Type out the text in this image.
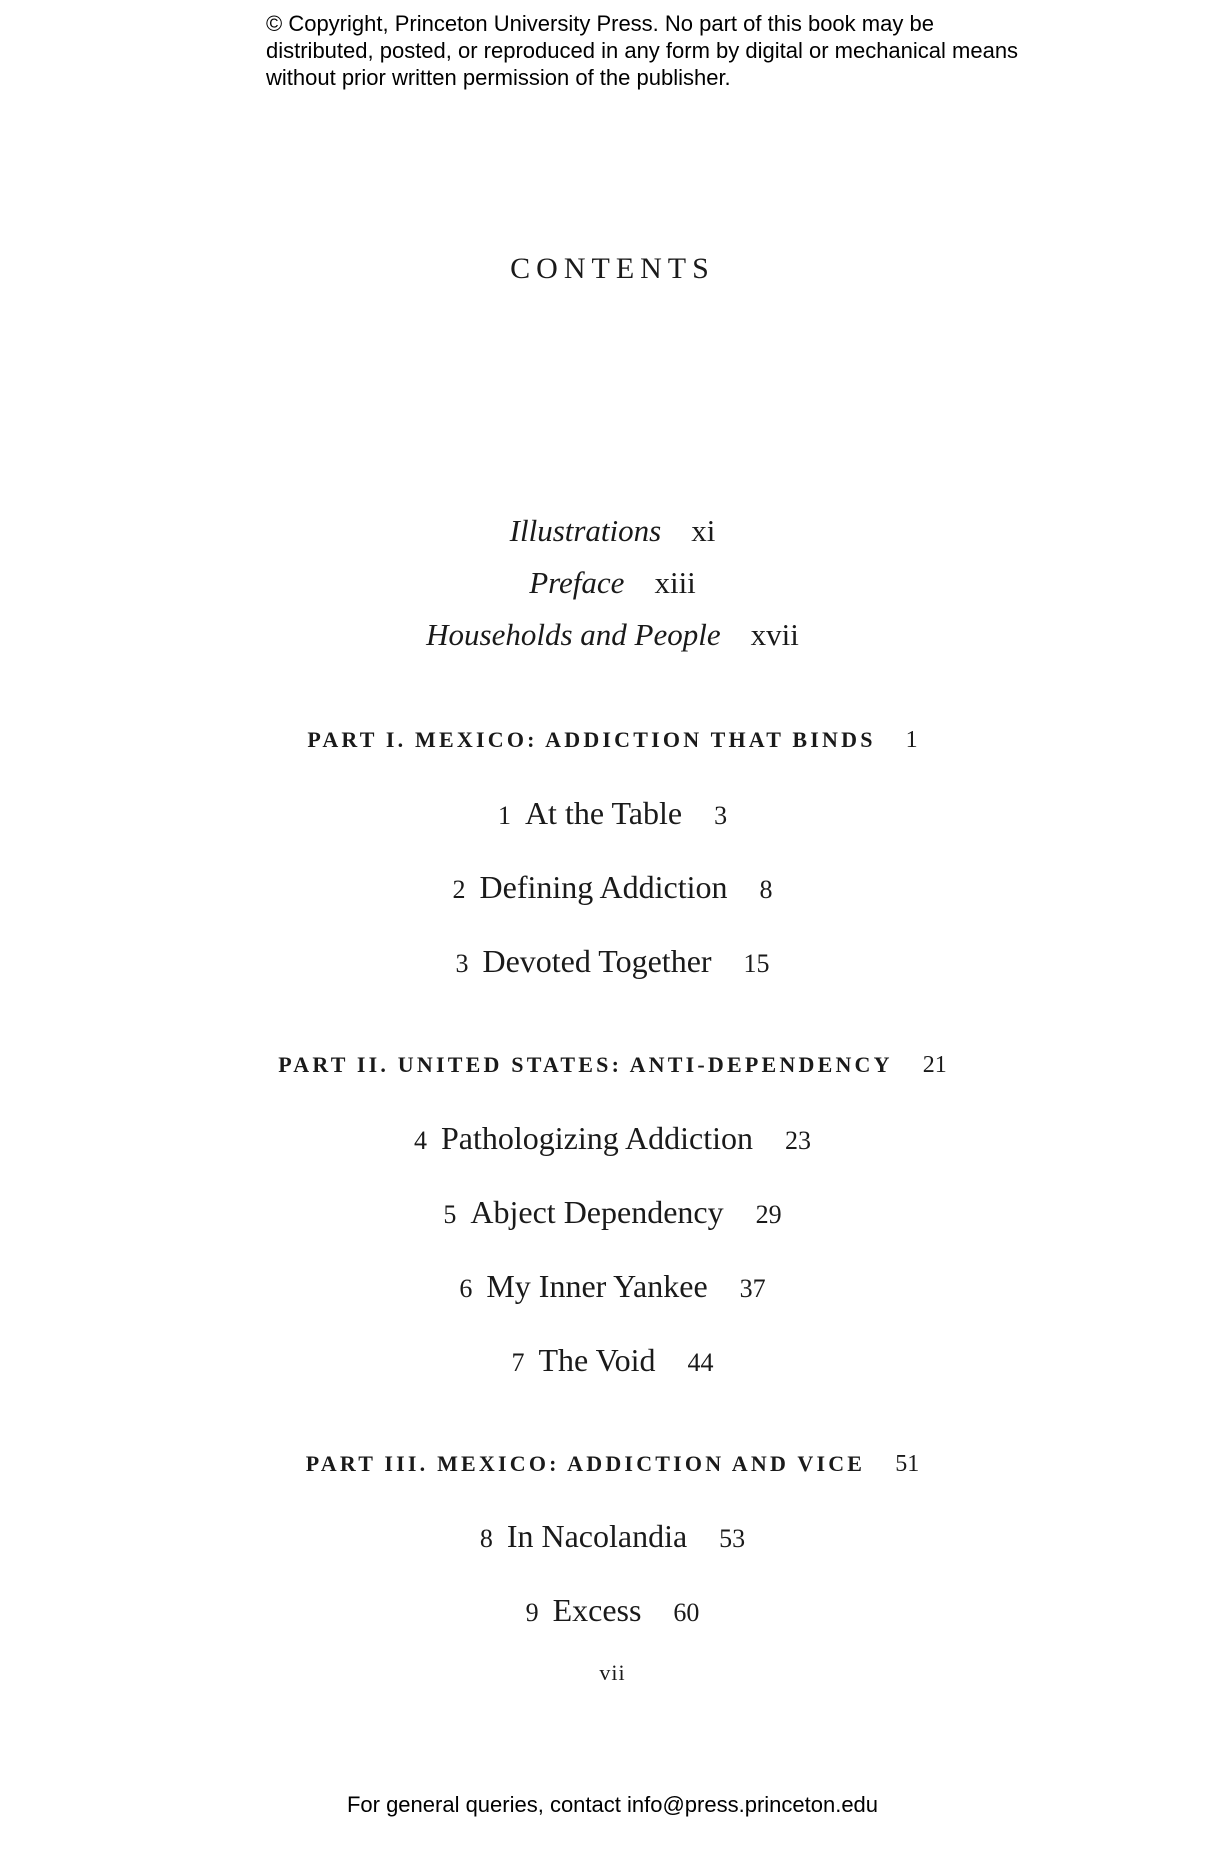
© Copyright, Princeton University Press. No part of this book may be distributed, posted, or reproduced in any form by digital or mechanical means without prior written permission of the publisher.
CONTENTS
Illustrations xi
Preface xiii
Households and People xvii
PART I. MEXICO: ADDICTION THAT BINDS 1
1 At the Table 3
2 Defining Addiction 8
3 Devoted Together 15
PART II. UNITED STATES: ANTI-DEPENDENCY 21
4 Pathologizing Addiction 23
5 Abject Dependency 29
6 My Inner Yankee 37
7 The Void 44
PART III. MEXICO: ADDICTION AND VICE 51
8 In Nacolandia 53
9 Excess 60
vii
For general queries, contact info@press.princeton.edu
